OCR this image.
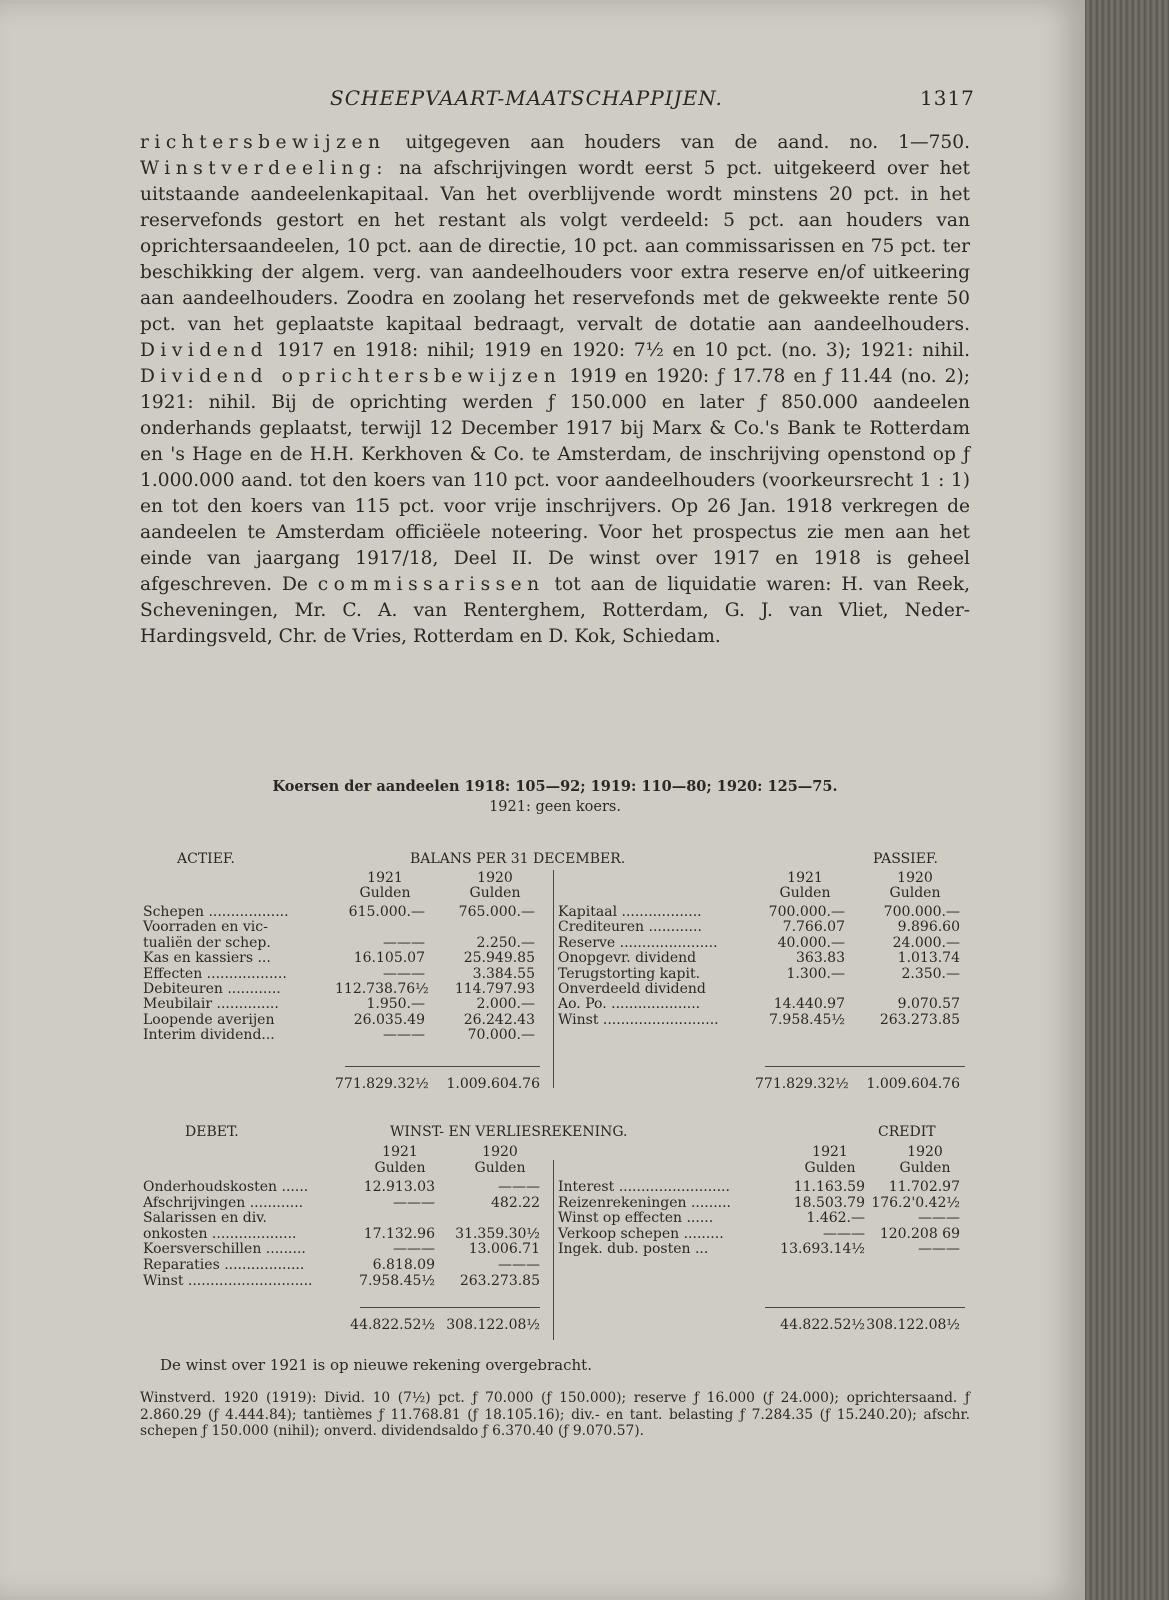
SCHEEPVAART-MAATSCHAPPIJEN.	1317
richtersbewijzen uitgegeven aan houders van de aand. no. 1—750. Winstverdeeling: na afschrijvingen wordt eerst 5 pct. uitgekeerd over het uitstaande aandeelenkapitaal. Van het overblijvende wordt minstens 20 pct. in het reservefonds gestort en het restant als volgt verdeeld: 5 pct. aan houders van oprichtersaandeelen, 10 pct. aan de directie, 10 pct. aan commissarissen en 75 pct. ter beschikking der algem. verg. van aandeelhouders voor extra reserve en/of uitkeering aan aandeelhouders. Zoodra en zoolang het reservefonds met de gekweekte rente 50 pct. van het geplaatste kapitaal bedraagt, vervalt de dotatie aan aandeelhouders. Dividend 1917 en 1918: nihil; 1919 en 1920: 7½ en 10 pct. (no. 3); 1921: nihil. Dividend oprichtersbewijzen 1919 en 1920: ƒ 17.78 en ƒ 11.44 (no. 2); 1921: nihil. Bij de oprichting werden ƒ 150.000 en later ƒ 850.000 aandeelen onderhands geplaatst, terwijl 12 December 1917 bij Marx & Co.'s Bank te Rotterdam en 's Hage en de H.H. Kerkhoven & Co. te Amsterdam, de inschrijving openstond op ƒ 1.000.000 aand. tot den koers van 110 pct. voor aandeelhouders (voorkeursrecht 1 : 1) en tot den koers van 115 pct. voor vrije inschrijvers. Op 26 Jan. 1918 verkregen de aandeelen te Amsterdam officiëele noteering. Voor het prospectus zie men aan het einde van jaargang 1917/18, Deel II. De winst over 1917 en 1918 is geheel afgeschreven. De commissarissen tot aan de liquidatie waren: H. van Reek, Scheveningen, Mr. C. A. van Renterghem, Rotterdam, G. J. van Vliet, Neder-Hardingsveld, Chr. de Vries, Rotterdam en D. Kok, Schiedam.
Koersen der aandeelen 1918: 105—92; 1919: 110—80; 1920: 125—75.
1921: geen koers.
ACTIEF.	BALANS PER 31 DECEMBER.	PASSIEF.
1921	1920
Gulden	Gulden
1921	1920
Gulden	Gulden
Schepen ..................	615.000.—	765.000.—
Voorraden en vic-
tualiën der schep.	———	2.250.—
Kas en kassiers ...	16.105.07	25.949.85
Effecten ..................	———	3.384.55
Debiteuren ............	112.738.76½	114.797.93
Meubilair ..............	1.950.—	2.000.—
Loopende averijen	26.035.49	26.242.43
Interim dividend...	———	70.000.—
Kapitaal ..................	700.000.—	700.000.—
Crediteuren ............	7.766.07	9.896.60
Reserve ......................	40.000.—	24.000.—
Onopgevr. dividend	363.83	1.013.74
Terugstorting kapit.	1.300.—	2.350.—
Onverdeeld dividend
Ao. Po. ....................	14.440.97	9.070.57
Winst ..........................	7.958.45½	263.273.85
771.829.32½	1.009.604.76	771.829.32½	1.009.604.76
DEBET.	WINST- EN VERLIESREKENING.	CREDIT
1921	1920
Gulden	Gulden
1921	1920
Gulden	Gulden
Onderhoudskosten ......	12.913.03	———
Afschrijvingen ............	———	482.22
Salarissen en div.
onkosten ...................	17.132.96	31.359.30½
Koersverschillen .........	———	13.006.71
Reparaties ..................	6.818.09	———
Winst ............................	7.958.45½	263.273.85
Interest .........................	11.163.59	11.702.97
Reizenrekeningen .........	18.503.79 176.2'0.42½
Winst op effecten ......	1.462.—	———
Verkoop schepen .........	———	120.208 69
Ingek. dub. posten ...	13.693.14½	———
44.822.52½ 308.122.08½	44.822.52½ 308.122.08½
De winst over 1921 is op nieuwe rekening overgebracht.
Winstverd. 1920 (1919): Divid. 10 (7½) pct. ƒ 70.000 (ƒ 150.000); reserve ƒ 16.000 (ƒ 24.000); oprichtersaand. ƒ 2.860.29 (ƒ 4.444.84); tantièmes ƒ 11.768.81 (ƒ 18.105.16); div.- en tant. belasting ƒ 7.284.35 (ƒ 15.240.20); afschr. schepen ƒ 150.000 (nihil); onverd. dividendsaldo ƒ 6.370.40 (ƒ 9.070.57).
